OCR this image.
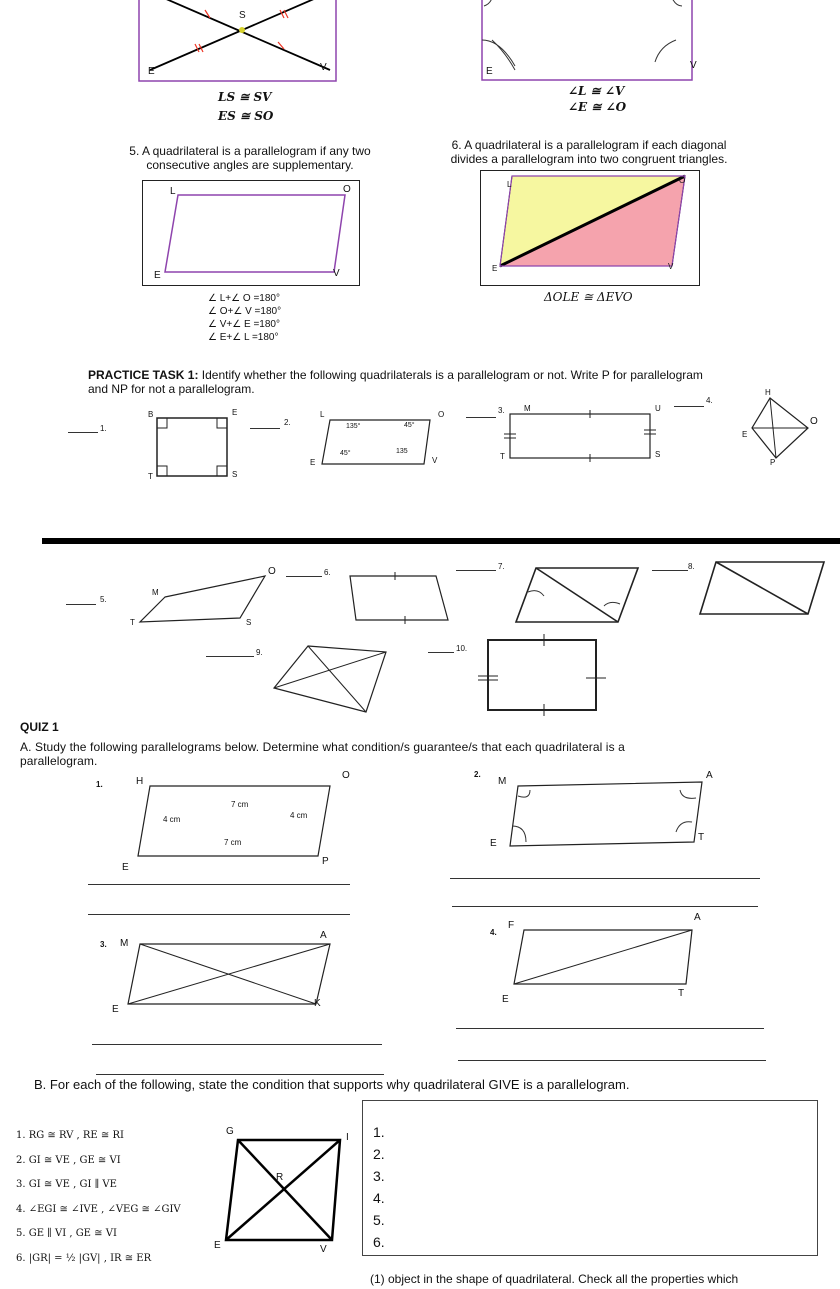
S
E	V	E
V
LS ≅ SV
ES ≅ SO
∠L ≅ ∠V
∠E ≅ ∠O
5. A quadrilateral is a parallelogram if any two
consecutive angles are supplementary.
6. A quadrilateral is a parallelogram if each diagonal
divides a parallelogram into two congruent triangles.
L	O
E	V
∠ L+∠ O =180°
∠ O+∠ V =180°
∠ V+∠ E =180°
∠ E+∠ L =180°
L	O
E	V
ΔOLE ≅ ΔEVO
PRACTICE TASK 1: Identify whether the following quadrilaterals is a parallelogram or not. Write P for parallelogram
and NP for not a parallelogram.
1.
B	E
T	S
2.
L	O
E	V
135°	45°
45°	135
3. M	U
T	S
4.
H
O
E
P
5.
M
O
T	S
6.
7.	8.
9.	10.
QUIZ 1
A. Study the following parallelograms below. Determine what condition/s guarantee/s that each quadrilateral is a
parallelogram.
1.	H
O
E
P
7 cm
4 cm	4 cm
7 cm
2.
M
A
E
T
3. M
A
E
K
4.
F
A
E
T
B. For each of the following, state the condition that supports why quadrilateral GIVE is a parallelogram.
1. RG ≅ RV , RE ≅ RI
2. GI ≅ VE , GE ≅ VI
3. GI ≅ VE , GI ∥ VE
4. ∠EGI ≅ ∠IVE , ∠VEG ≅ ∠GIV
5. GE ∥ VI , GE ≅ VI
6. |GR| = ½ |GV| , IR ≅ ER
G
I
R
E	V
1.
2.
3.
4.
5.
6.
(1) object in the shape of quadrilateral. Check all the properties which
